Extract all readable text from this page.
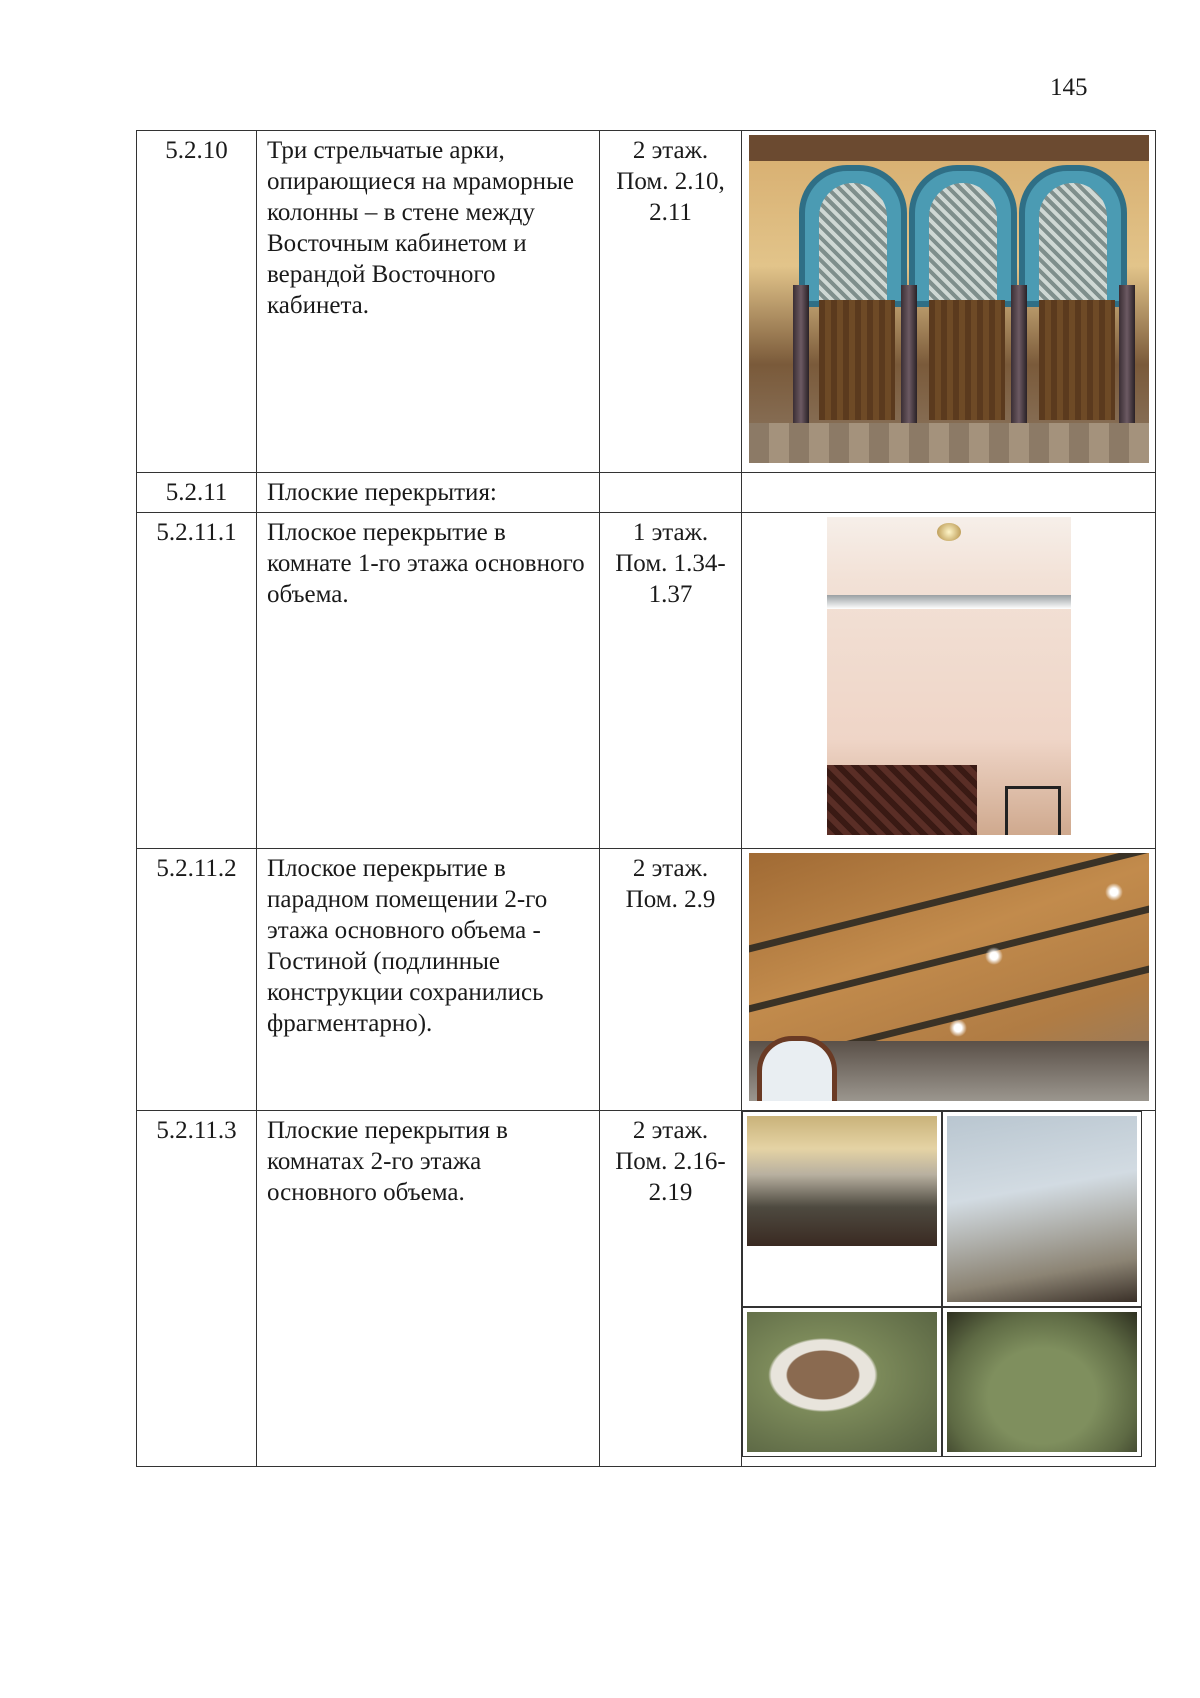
145
5.2.10	Три стрельчатые арки, опирающиеся на мраморные колонны – в стене между Восточным кабинетом и верандой Восточного кабинета.	2 этаж. Пом. 2.10, 2.11	

5.2.11	Плоские перекрытия:		
5.2.11.1	Плоское перекрытие в комнате 1-го этажа основного объема.	1 этаж. Пом. 1.34-1.37	

5.2.11.2	Плоское перекрытие в парадном помещении 2-го этажа основного объема - Гостиной (подлинные конструкции сохранились фрагментарно).	2 этаж. Пом. 2.9	

5.2.11.3	Плоские перекрытия в комнатах 2-го этажа основного объема.	2 этаж. Пом. 2.16-2.19	
